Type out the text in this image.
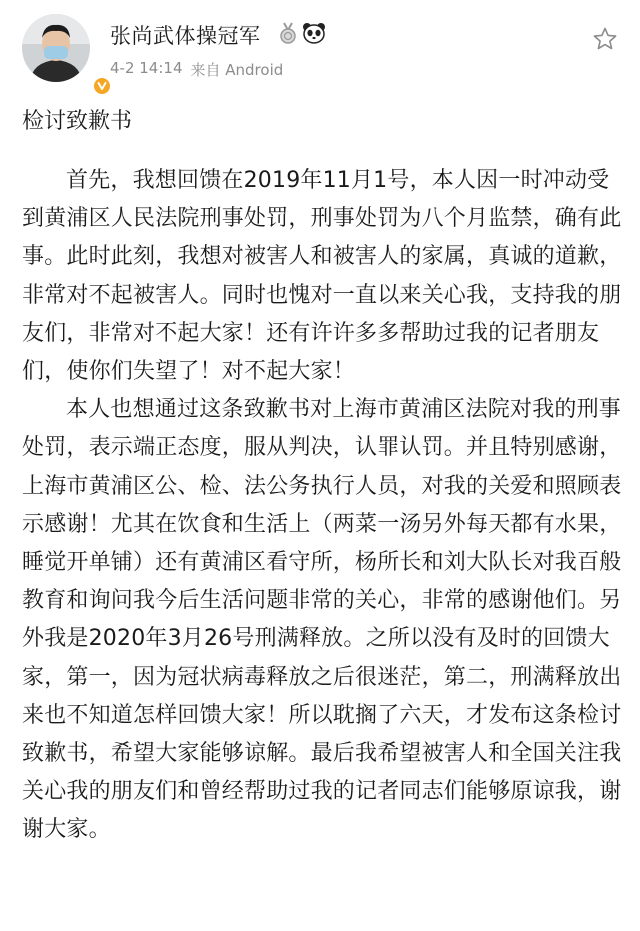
张尚武体操冠军
4-2 14:14 来自 Android
检讨致歉书

首先，我想回馈在2019年11月1号，本人因一时冲动受到黄浦区人民法院刑事处罚，刑事处罚为八个月监禁，确有此事。此时此刻，我想对被害人和被害人的家属，真诚的道歉，非常对不起被害人。同时也愧对一直以来关心我，支持我的朋友们，非常对不起大家！还有许许多多帮助过我的记者朋友们，使你们失望了！对不起大家！

本人也想通过这条致歉书对上海市黄浦区法院对我的刑事处罚，表示端正态度，服从判决，认罪认罚。并且特别感谢，上海市黄浦区公、检、法公务执行人员，对我的关爱和照顾表示感谢！尤其在饮食和生活上（两菜一汤另外每天都有水果，睡觉开单铺）还有黄浦区看守所，杨所长和刘大队长对我百般教育和询问我今后生活问题非常的关心，非常的感谢他们。另外我是2020年3月26号刑满释放。之所以没有及时的回馈大家，第一，因为冠状病毒释放之后很迷茫，第二，刑满释放出来也不知道怎样回馈大家！所以耽搁了六天，才发布这条检讨致歉书，希望大家能够谅解。最后我希望被害人和全国关注我关心我的朋友们和曾经帮助过我的记者同志们能够原谅我，谢谢大家。
